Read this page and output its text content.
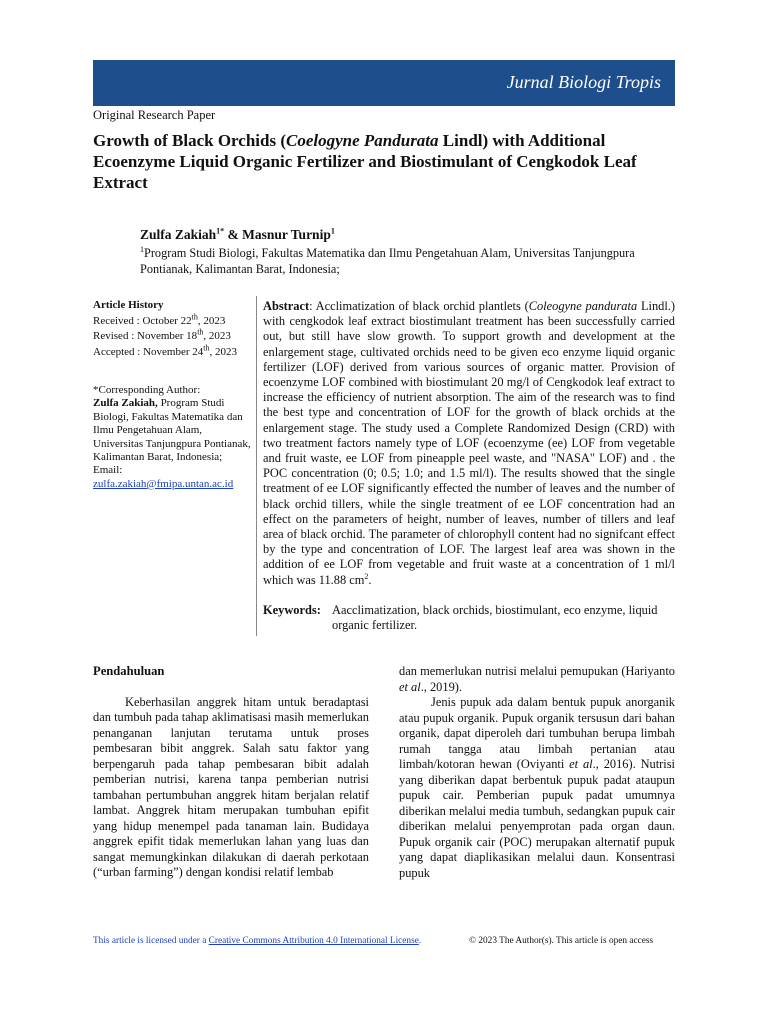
Jurnal Biologi Tropis
Original Research Paper
Growth of Black Orchids (Coelogyne Pandurata Lindl) with Additional Ecoenzyme Liquid Organic Fertilizer and Biostimulant of Cengkodok Leaf Extract
Zulfa Zakiah$^{1*}$ & Masnur Turnip$^1$
$^1$Program Studi Biologi, Fakultas Matematika dan Ilmu Pengetahuan Alam, Universitas Tanjungpura Pontianak, Kalimantan Barat, Indonesia;

Article History

Received : October 22th, 2023

Revised : November 18th, 2023

Accepted : November 24th, 2023

*Corresponding Author:

Zulfa Zakiah, Program Studi Biologi, Fakultas Matematika dan Ilmu Pengetahuan Alam, Universitas Tanjungpura Pontianak, Kalimantan Barat, Indonesia;

Email:

zulfa.zakiah@fmipa.untan.ac.id

Abstract: Acclimatization of black orchid plantlets (Coleogyne pandurata Lindl.) with cengkodok leaf extract biostimulant treatment has been successfully carried out, but still have slow growth. To support growth and development at the enlargement stage, cultivated orchids need to be given eco enzyme liquid organic fertilizer (LOF) derived from various sources of organic matter. Provision of ecoenzyme LOF combined with biostimulant 20 mg/l of Cengkodok leaf extract to increase the efficiency of nutrient absorption. The aim of the research was to find the best type and concentration of LOF for the growth of black orchids at the enlargement stage. The study used a Complete Randomized Design (CRD) with two treatment factors namely type of LOF (ecoenzyme (ee) LOF from vegetable and fruit waste, ee LOF from pineapple peel waste, and "NASA" LOF) and . the POC concentration (0; 0.5; 1.0; and 1.5 ml/l). The results showed that the single treatment of ee LOF significantly effected the number of leaves and the number of black orchid tillers, while the single treatment of ee LOF concentration had an effect on the parameters of height, number of leaves, number of tillers and leaf area of black orchid. The parameter of chlorophyll content had no signifcant effect by the type and concentration of LOF. The largest leaf area was shown in the addition of ee LOF from vegetable and fruit waste at a concentration of 1 ml/l which was 11.88 $cm^2$.

Keywords: Aacclimatization, black orchids, biostimulant, eco enzyme, liquid organic fertilizer.

Pendahuluan

Keberhasilan anggrek hitam untuk beradaptasi dan tumbuh pada tahap aklimatisasi masih memerlukan penanganan lanjutan terutama untuk proses pembesaran bibit anggrek. Salah satu faktor yang berpengaruh pada tahap pembesaran bibit adalah pemberian nutrisi, karena tanpa pemberian nutrisi tambahan pertumbuhan anggrek hitam berjalan relatif lambat. Anggrek hitam merupakan tumbuhan epifit yang hidup menempel pada tanaman lain. Budidaya anggrek epifit tidak memerlukan lahan yang luas dan sangat memungkinkan dilakukan di daerah perkotaan (“urban farming”) dengan kondisi relatif lembab

dan memerlukan nutrisi melalui pemupukan (Hariyanto et al., 2019).

Jenis pupuk ada dalam bentuk pupuk anorganik atau pupuk organik. Pupuk organik tersusun dari bahan organik, dapat diperoleh dari tumbuhan berupa limbah rumah tangga atau limbah pertanian atau limbah/kotoran hewan (Oviyanti et al., 2016). Nutrisi yang diberikan dapat berbentuk pupuk padat ataupun pupuk cair. Pemberian pupuk padat umumnya diberikan melalui media tumbuh, sedangkan pupuk cair diberikan melalui penyemprotan pada organ daun. Pupuk organik cair (POC) merupakan alternatif pupuk yang dapat diaplikasikan melalui daun. Konsentrasi pupuk

This article is licensed under a Creative Commons Attribution 4.0 International License.	© 2023 The Author(s). This article is open access
